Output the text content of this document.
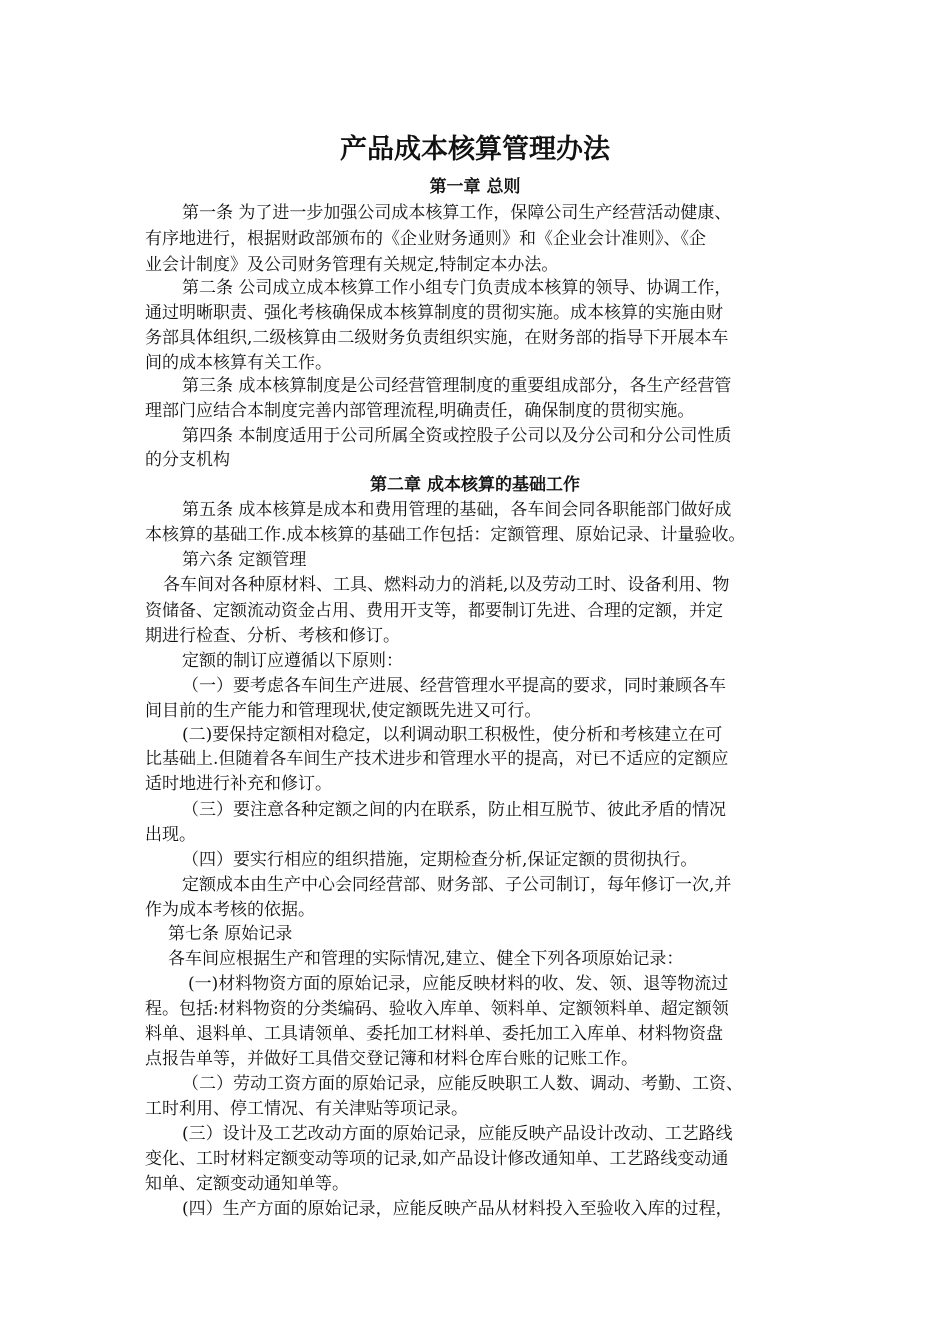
产品成本核算管理办法
第一章 总则
第二章 成本核算的基础工作
第一条 为了进一步加强公司成本核算工作，保障公司生产经营活动健康、
有序地进行，根据财政部颁布的《企业财务通则》和《企业会计准则》、《企
业会计制度》及公司财务管理有关规定,特制定本办法。
第二条 公司成立成本核算工作小组专门负责成本核算的领导、协调工作，
通过明晰职责、强化考核确保成本核算制度的贯彻实施。成本核算的实施由财
务部具体组织,二级核算由二级财务负责组织实施，在财务部的指导下开展本车
间的成本核算有关工作。
第三条 成本核算制度是公司经营管理制度的重要组成部分，各生产经营管
理部门应结合本制度完善内部管理流程,明确责任，确保制度的贯彻实施。
第四条 本制度适用于公司所属全资或控股子公司以及分公司和分公司性质
的分支机构
第五条 成本核算是成本和费用管理的基础，各车间会同各职能部门做好成
本核算的基础工作.成本核算的基础工作包括：定额管理、原始记录、计量验收。
第六条 定额管理
各车间对各种原材料、工具、燃料动力的消耗,以及劳动工时、设备利用、物
资储备、定额流动资金占用、费用开支等，都要制订先进、合理的定额，并定
期进行检查、分析、考核和修订。
定额的制订应遵循以下原则：
（一）要考虑各车间生产进展、经营管理水平提高的要求，同时兼顾各车
间目前的生产能力和管理现状,使定额既先进又可行。
(二)要保持定额相对稳定，以利调动职工积极性，使分析和考核建立在可
比基础上.但随着各车间生产技术进步和管理水平的提高，对已不适应的定额应
适时地进行补充和修订。
（三）要注意各种定额之间的内在联系，防止相互脱节、彼此矛盾的情况
出现。
（四）要实行相应的组织措施，定期检查分析,保证定额的贯彻执行。
定额成本由生产中心会同经营部、财务部、子公司制订，每年修订一次,并
作为成本考核的依据。
第七条 原始记录
各车间应根据生产和管理的实际情况,建立、健全下列各项原始记录：
(一)材料物资方面的原始记录，应能反映材料的收、发、领、退等物流过
程。包括:材料物资的分类编码、验收入库单、领料单、定额领料单、超定额领
料单、退料单、工具请领单、委托加工材料单、委托加工入库单、材料物资盘
点报告单等，并做好工具借交登记簿和材料仓库台账的记账工作。
（二）劳动工资方面的原始记录，应能反映职工人数、调动、考勤、工资、
工时利用、停工情况、有关津贴等项记录。
(三）设计及工艺改动方面的原始记录，应能反映产品设计改动、工艺路线
变化、工时材料定额变动等项的记录,如产品设计修改通知单、工艺路线变动通
知单、定额变动通知单等。
(四）生产方面的原始记录，应能反映产品从材料投入至验收入库的过程，
